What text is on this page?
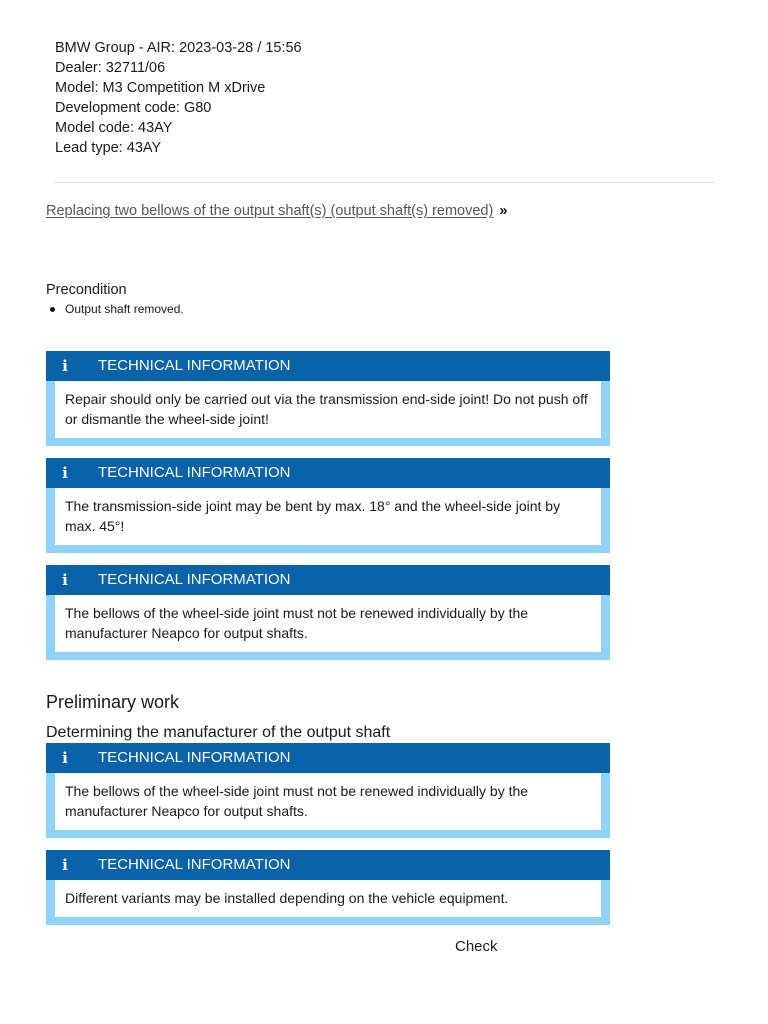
BMW Group - AIR: 2023-03-28 / 15:56
Dealer: 32711/06
Model: M3 Competition M xDrive
Development code: G80
Model code: 43AY
Lead type: 43AY
Replacing two bellows of the output shaft(s) (output shaft(s) removed) »
Precondition
Output shaft removed.
i TECHNICAL INFORMATION
Repair should only be carried out via the transmission end-side joint! Do not push off or dismantle the wheel-side joint!
i TECHNICAL INFORMATION
The transmission-side joint may be bent by max. 18° and the wheel-side joint by max. 45°!
i TECHNICAL INFORMATION
The bellows of the wheel-side joint must not be renewed individually by the manufacturer Neapco for output shafts.
Preliminary work
Determining the manufacturer of the output shaft
i TECHNICAL INFORMATION
The bellows of the wheel-side joint must not be renewed individually by the manufacturer Neapco for output shafts.
i TECHNICAL INFORMATION
Different variants may be installed depending on the vehicle equipment.
Check
